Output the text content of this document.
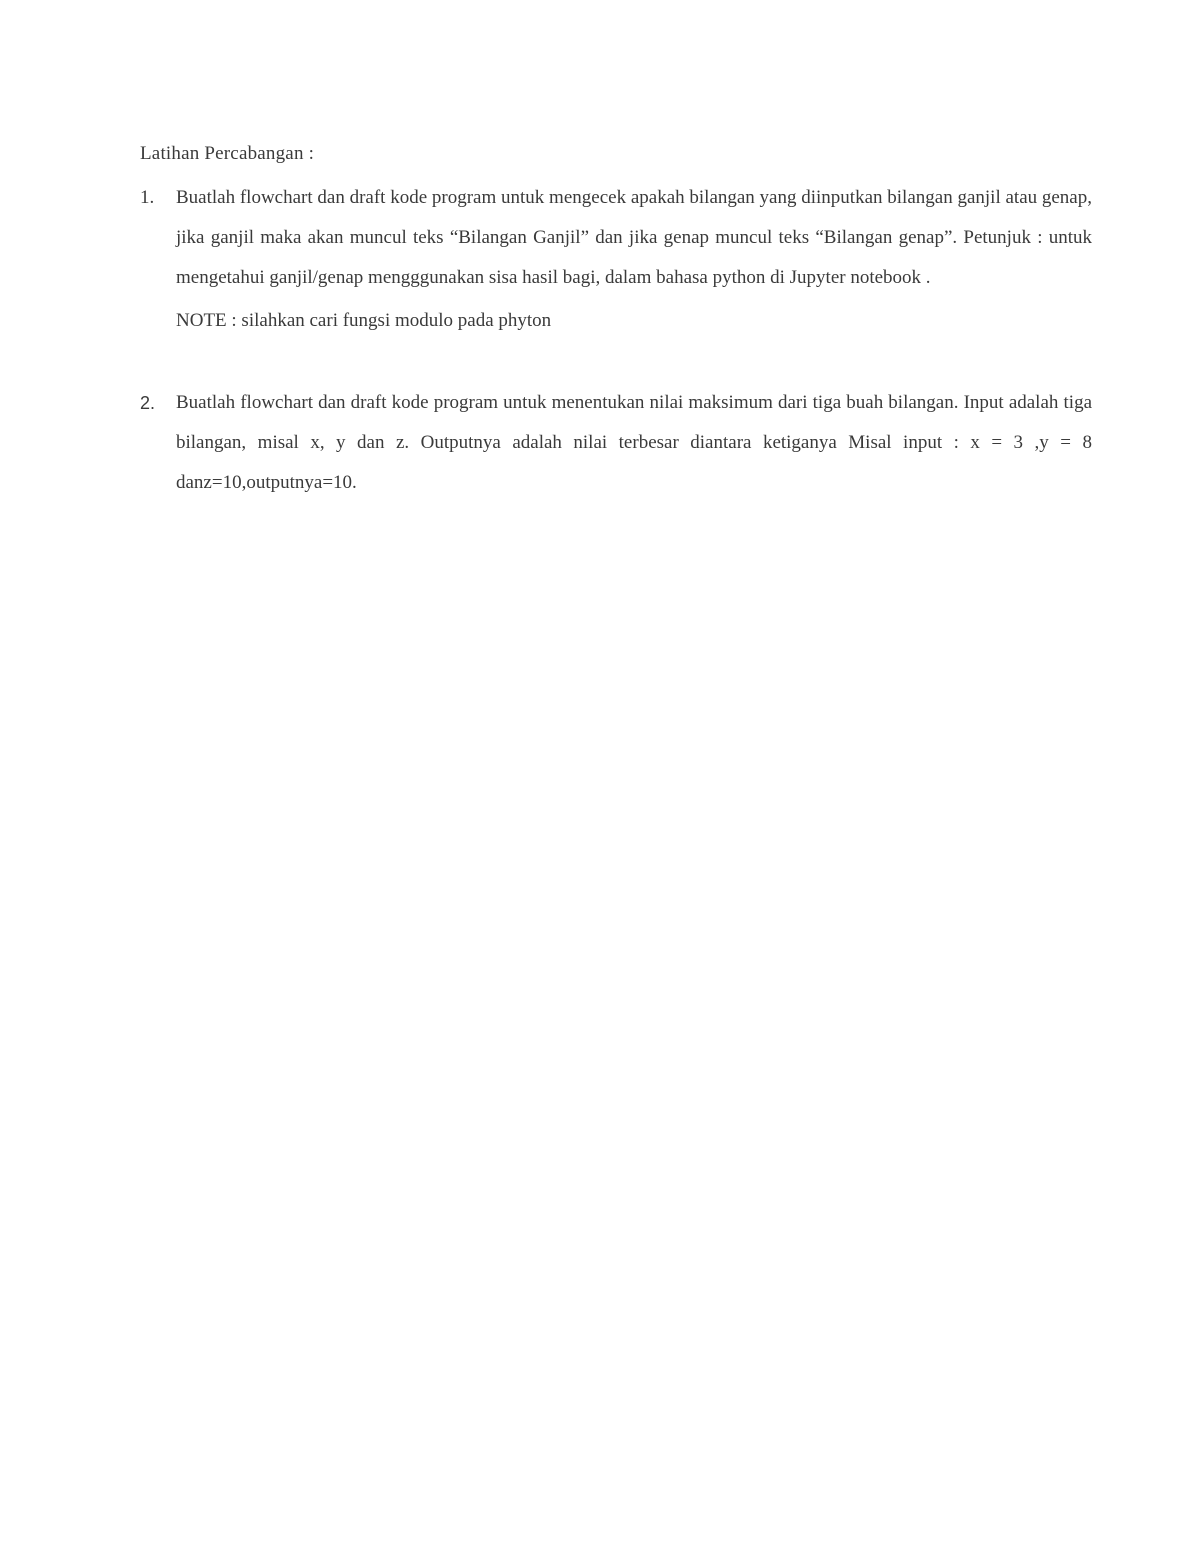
Latihan Percabangan :
1. Buatlah flowchart dan draft kode program untuk mengecek apakah bilangan yang diinputkan bilangan ganjil atau genap, jika ganjil maka akan muncul teks “Bilangan Ganjil” dan jika genap muncul teks “Bilangan genap”. Petunjuk : untuk mengetahui ganjil/genap mengggunakan sisa hasil bagi, dalam bahasa python di Jupyter notebook .
NOTE : silahkan cari fungsi modulo pada phyton
2. Buatlah flowchart dan draft kode program untuk menentukan nilai maksimum dari tiga buah bilangan. Input adalah tiga bilangan, misal x, y dan z. Outputnya adalah nilai terbesar diantara ketiganya Misal input : x = 3 ,y = 8 danz=10,outputnya=10.
